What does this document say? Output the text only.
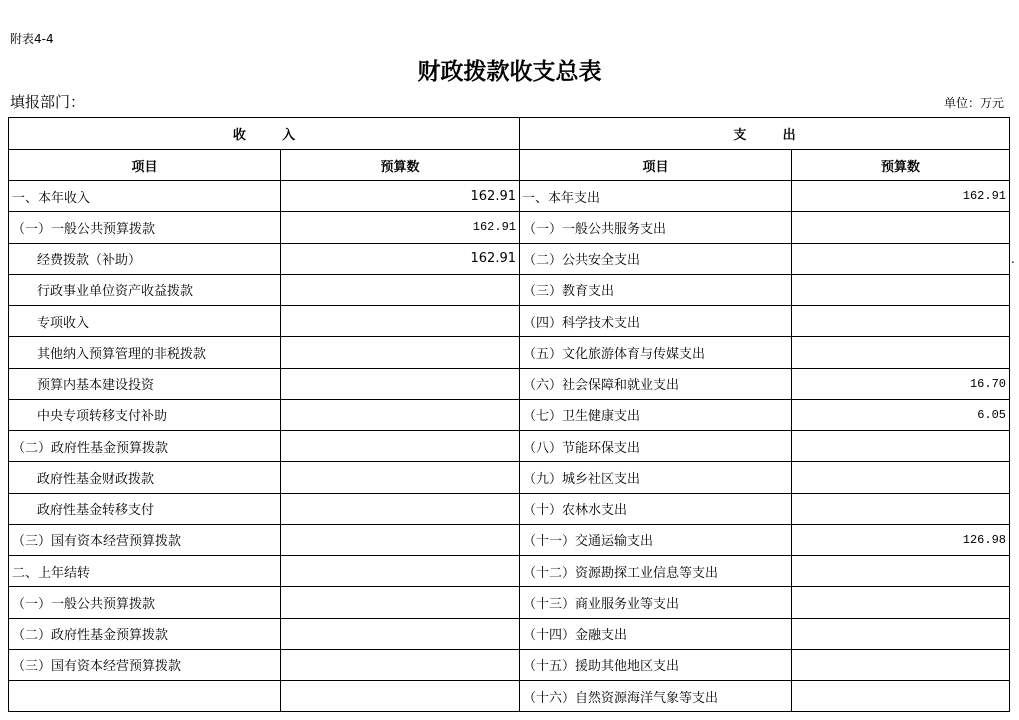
附表4-4
财政拨款收支总表
填报部门：	单位：万元
.
收        入		支        出	
项目	预算数	项目	预算数
一、本年收入	162.91	一、本年支出	162.91
（一）一般公共预算拨款	162.91	（一）一般公共服务支出	
经费拨款（补助）	162.91	（二）公共安全支出	
行政事业单位资产收益拨款		（三）教育支出	
专项收入		（四）科学技术支出	
其他纳入预算管理的非税拨款		（五）文化旅游体育与传媒支出	
预算内基本建设投资		（六）社会保障和就业支出	16.70
中央专项转移支付补助		（七）卫生健康支出	6.05
（二）政府性基金预算拨款		（八）节能环保支出	
政府性基金财政拨款		（九）城乡社区支出	
政府性基金转移支付		（十）农林水支出	
（三）国有资本经营预算拨款		（十一）交通运输支出	126.98
二、上年结转		（十二）资源勘探工业信息等支出	
（一）一般公共预算拨款		（十三）商业服务业等支出	
（二）政府性基金预算拨款		（十四）金融支出	
（三）国有资本经营预算拨款		（十五）援助其他地区支出	
		（十六）自然资源海洋气象等支出	
